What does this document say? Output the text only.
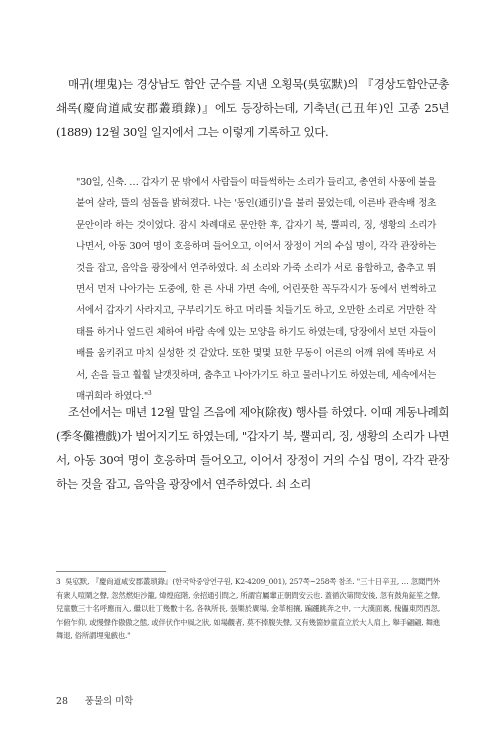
매귀(埋鬼)는 경상남도 함안 군수를 지낸 오횡묵(吳宖默)의 『경상도함안군총쇄록(慶尙道咸安郡叢瑣錄)』에도 등장하는데, 기축년(己丑年)인 고종 25년(1889) 12월 30일 일지에서 그는 이렇게 기록하고 있다.

"30일, 신축. … 갑자기 문 밖에서 사람들이 떠들썩하는 소리가 들리고, 총연히 사풍에 불을 붙여 살라, 뜰의 섬돌을 밝혀졌다. 나는 '동인(通引)'을 불러 물었는데, 이른바 관속배 정초 문안이라 하는 것이었다. 잠시 차례대로 문안한 후, 갑자기 북, 뿔피리, 징, 생황의 소리가 나면서, 아동 30여 명이 호응하며 들어오고, 이어서 장정이 거의 수십 명이, 각각 관장하는 것을 잡고, 음악을 광장에서 연주하였다. 쇠 소리와 가죽 소리가 서로 융합하고, 춤추고 뛰면서 먼저 나아가는 도중에, 한 른 사내 가면 속에, 어린풋한 꼭두각시가 동에서 번쩍하고 서에서 갑자기 사라지고, 구부리기도 하고 머리를 치들기도 하고, 오만한 소리로 거만한 작태를 하거나 엎드린 체하여 바람 속에 있는 모양을 하기도 하였는데, 당장에서 보던 자들이 배를 움키쥐고 마치 실성한 것 같았다. 또한 몇몇 묘한 무동이 어른의 어깨 위에 똑바로 서서, 손을 들고 훨훨 날갯짓하며, 춤추고 나아가기도 하고 물러나기도 하였는데, 세속에서는 매귀희라 하였다."$^3$

조선에서는 매년 12월 말일 즈음에 제야(除夜) 행사를 하였다. 이때 계동나례희(季冬儺禮戲)가 벌어지기도 하였는데, "갑자기 북, 뿔피리, 징, 생황의 소리가 나면서, 아동 30여 명이 호응하며 들어오고, 이어서 장정이 거의 수십 명이, 각각 관장하는 것을 잡고, 음악을 광장에서 연주하였다. 쇠 소리

3 吳宖默, 『慶尙道咸安郡叢瑣錄』(한국학중앙연구원, K2-4209_001), 257쪽~258쪽 참조. "三十日辛丑, … 忽聞門外有衆人喧鬧之聲, 忽然燃炬沙籠, 煒煌庭階, 余招通引問之, 所謂官屬輩正朝問安云也. 蓋循次第問安後, 忽有鼓角鉦笙之聲, 兒童數三十名呼應而入, 繼以壯丁幾數十名, 各執所長, 張樂於廣場, 金革相攘, 蹁躚跳奔之中, 一大漢面裏, 傀儡東閃西忽, 乍俯乍仰, 或慢聲作傲傲之態, 或伴伏作中風之狀, 如場觀者, 莫不捧腹失聲, 又有幾箇妙童直立於大人肩上, 舉手翩翩, 舞進舞退, 俗所謂埋鬼戲也."

28 풍물의 미학
